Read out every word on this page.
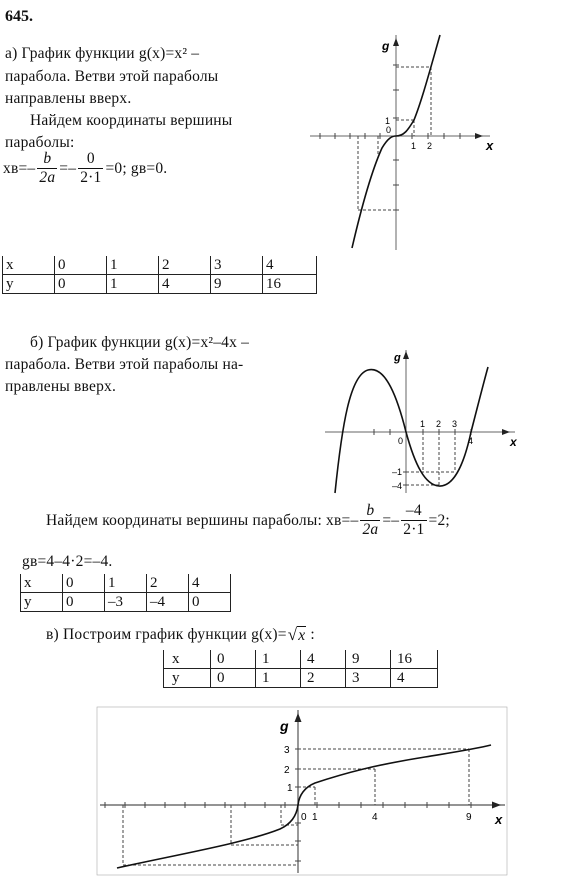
645.
а) График функции g(x)=x² –
парабола. Ветви этой параболы
направлены вверх.
Найдем координаты вершины
параболы:
$xв=- \frac{b}{2a} =- \frac{0}{2\cdot 1} =0$; gв=0.
x	0	1	2	3	4
y	0	1	4	9	16
g
x
1
0
1 2
б) График функции g(x)=x²–4x –
парабола. Ветви этой параболы на-
правлены вверх.
g
x
0
1 2 3
4
–1
–4
Найдем координаты вершины параболы: $xв=- \frac{b}{2a} =- \frac{-4}{2\cdot 1} =2$;
gв=4–4·2=–4.
x	0	1	2	4
y	0	–3	–4	0
в) Построим график функции g(x)= √ x :
x	0	1	4	9	16
y	0	1	2	3	4
g
x
3
2
1
0 1	4	9
